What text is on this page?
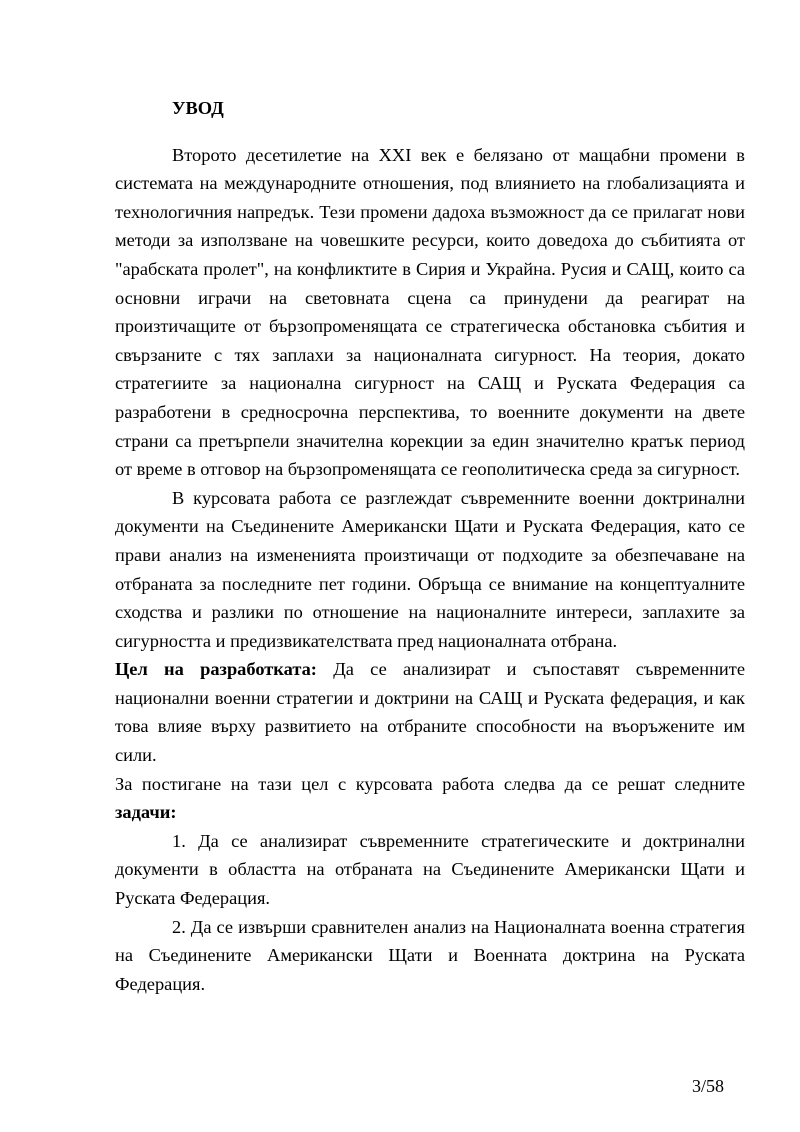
УВОД

Второто десетилетие на XXI век е белязано от мащабни промени в системата на международните отношения, под влиянието на глобализацията и технологичния напредък. Тези промени дадоха възможност да се прилагат нови методи за използване на човешките ресурси, които доведоха до събитията от "арабската пролет", на конфликтите в Сирия и Украйна. Русия и САЩ, които са основни играчи на световната сцена са принудени да реагират на произтичащите от бързопроменящата се стратегическа обстановка събития и свързаните с тях заплахи за националната сигурност. На теория, докато стратегиите за национална сигурност на САЩ и Руската Федерация са разработени в средносрочна перспектива, то военните документи на двете страни са претърпели значителна корекции за един значително кратък период от време в отговор на бързопроменящата се геополитическа среда за сигурност.

В курсовата работа се разглеждат съвременните военни доктринални документи на Съединените Американски Щати и Руската Федерация, като се прави анализ на измененията произтичащи от подходите за обезпечаване на отбраната за последните пет години. Обръща се внимание на концептуалните сходства и разлики по отношение на националните интереси, заплахите за сигурността и предизвикателствата пред националната отбрана.

Цел на разработката: Да се анализират и съпоставят съвременните национални военни стратегии и доктрини на САЩ и Руската федерация, и как това влияе върху развитието на отбраните способности на въоръжените им сили.

За постигане на тази цел с курсовата работа следва да се решат следните задачи:

1. Да се анализират съвременните стратегическите и доктринални документи в областта на отбраната на Съединените Американски Щати и Руската Федерация.

2. Да се извърши сравнителен анализ на Националната военна стратегия на Съединените Американски Щати и Военната доктрина на Руската Федерация.

3/58
